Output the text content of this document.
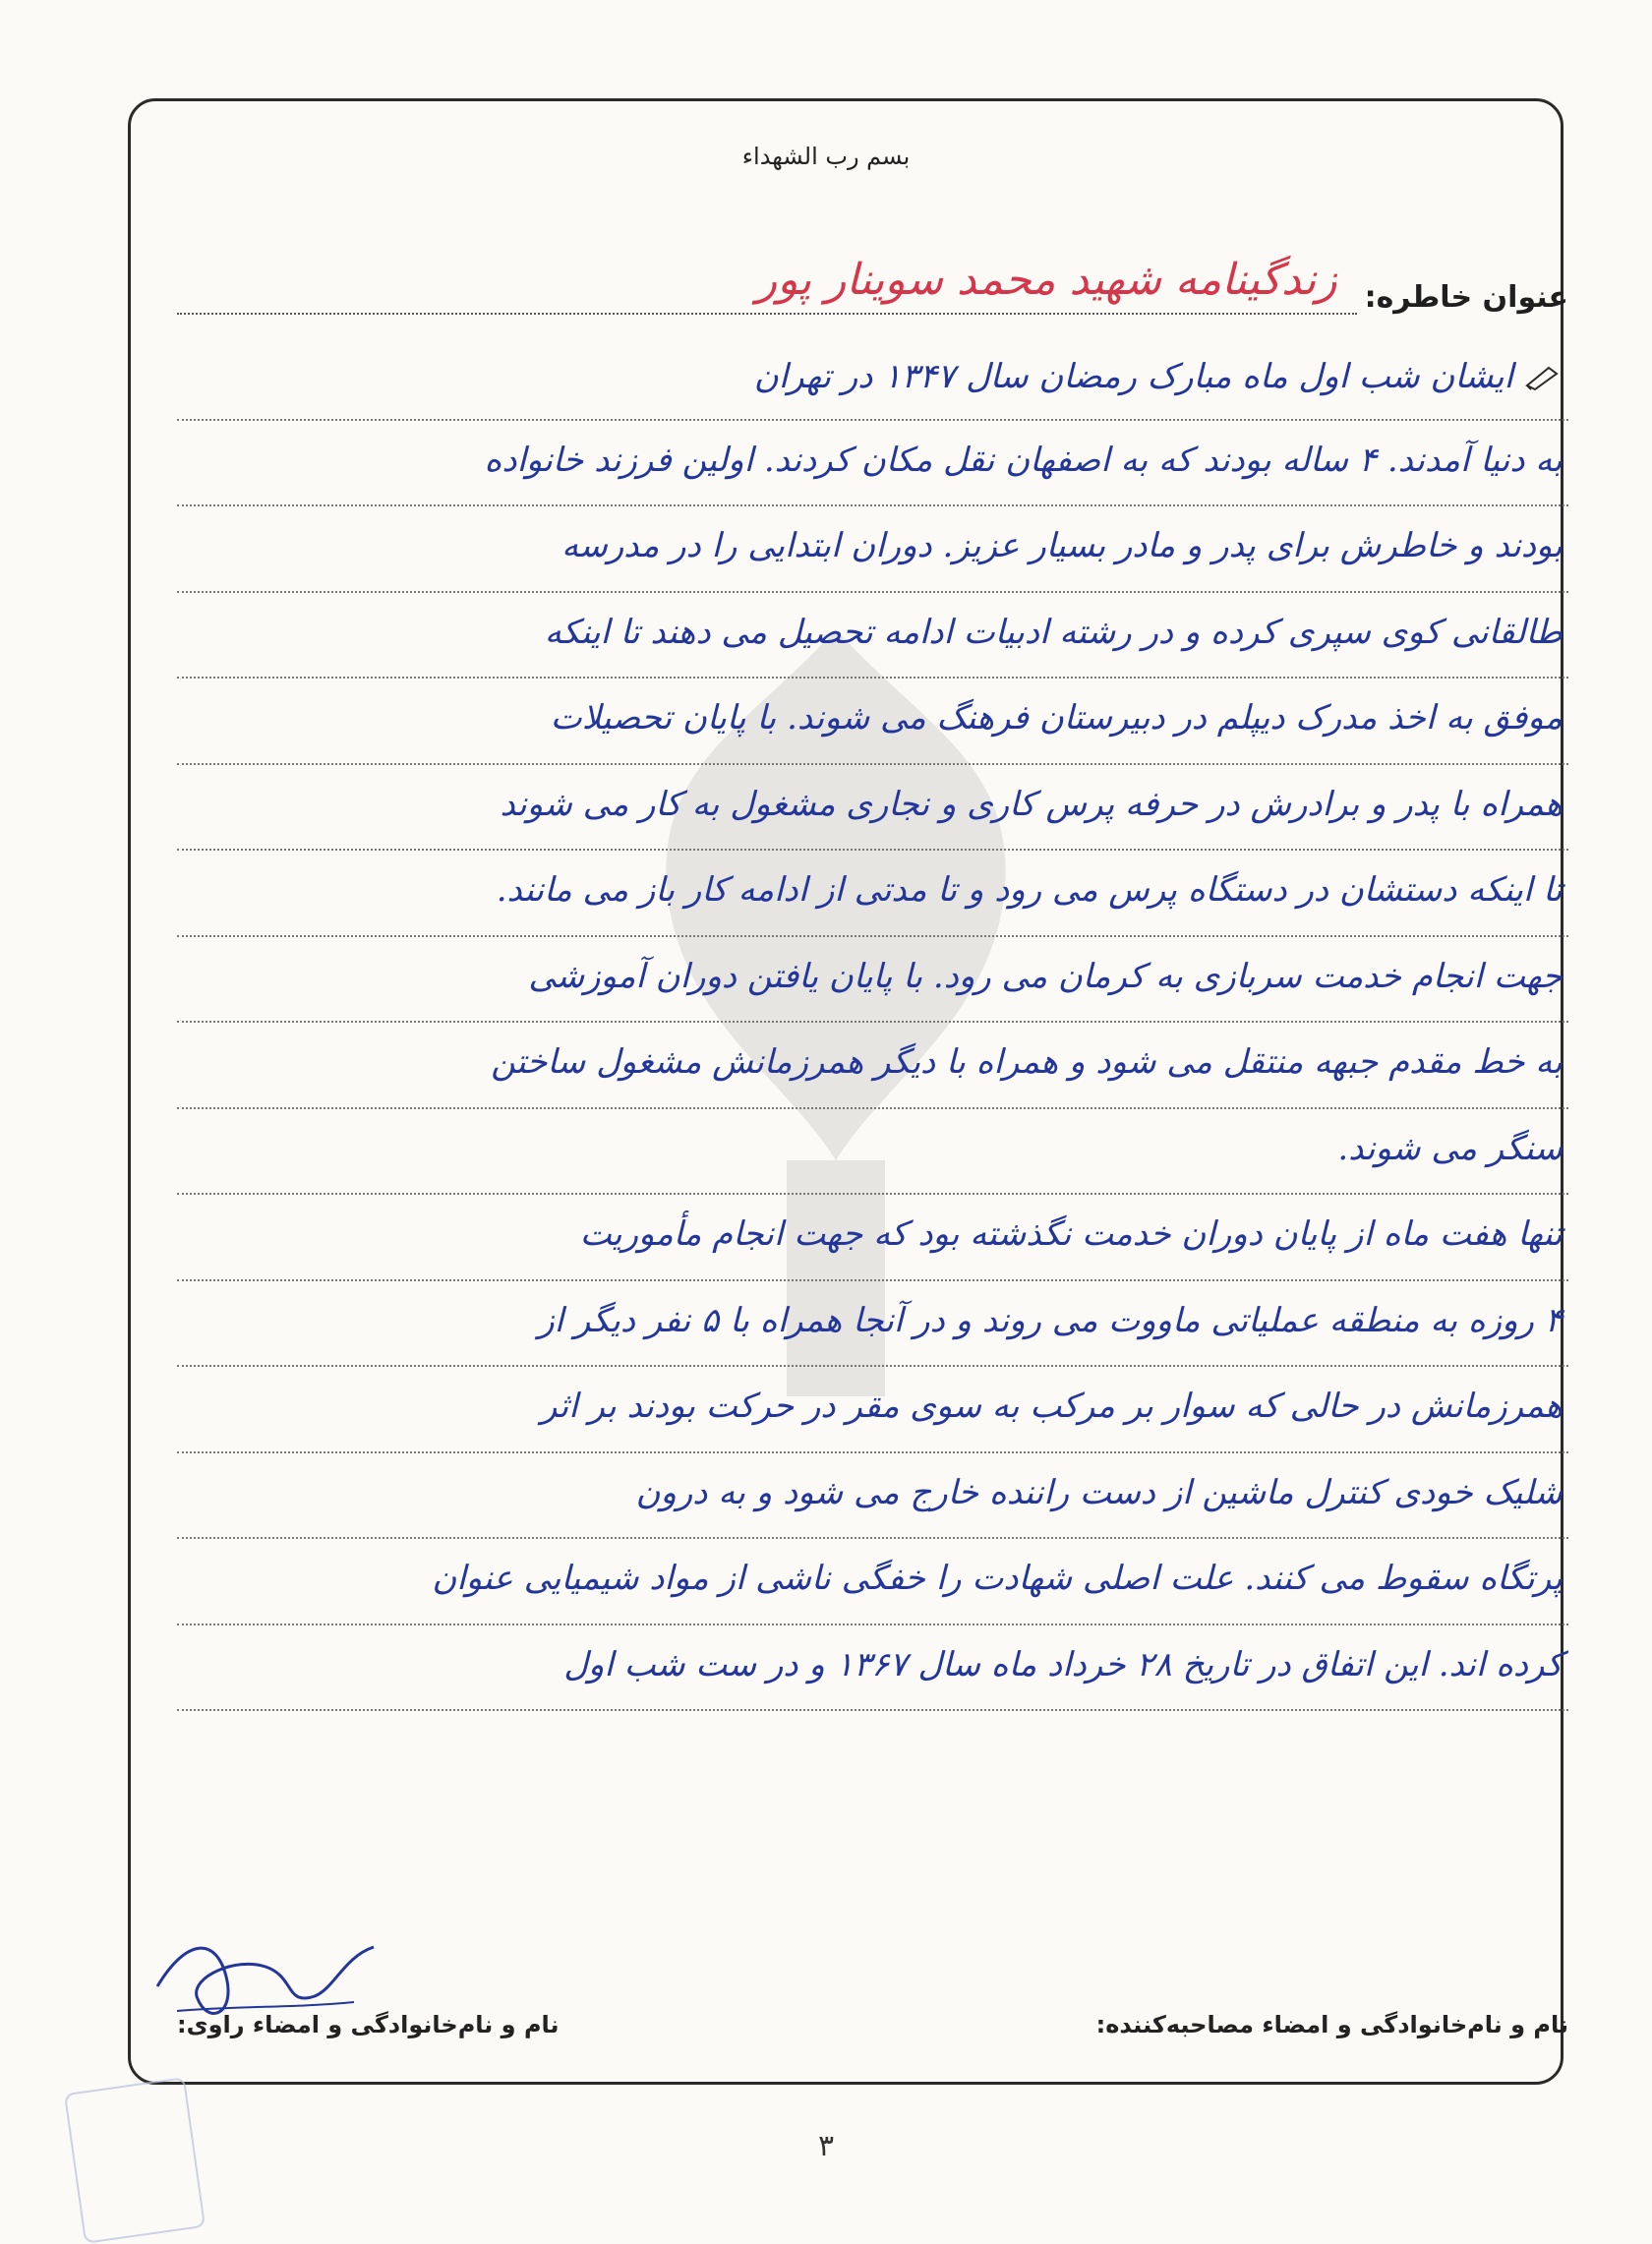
بسم رب الشهداء
عنوان خاطره:
زندگینامه شهید محمد سوینار پور
ایشان شب اول ماه مبارک رمضان سال ۱۳۴۷ در تهران
به دنیا آمدند. ۴ ساله بودند که به اصفهان نقل مکان کردند. اولین فرزند خانواده
بودند و خاطرش برای پدر و مادر بسیار عزیز. دوران ابتدایی را در مدرسه
طالقانی کوی سپری کرده و در رشته ادبیات ادامه تحصیل می دهند تا اینکه
موفق به اخذ مدرک دیپلم در دبیرستان فرهنگ می شوند. با پایان تحصیلات
همراه با پدر و برادرش در حرفه پرس کاری و نجاری مشغول به کار می شوند
تا اینکه دستشان در دستگاه پرس می رود و تا مدتی از ادامه کار باز می مانند.
جهت انجام خدمت سربازی به کرمان می رود. با پایان یافتن دوران آموزشی
به خط مقدم جبهه منتقل می شود و همراه با دیگر همرزمانش مشغول ساختن
سنگر می شوند.
تنها هفت ماه از پایان دوران خدمت نگذشته بود که جهت انجام مأموریت
۴ روزه به منطقه عملیاتی ماووت می روند و در آنجا همراه با ۵ نفر دیگر از
همرزمانش در حالی که سوار بر مرکب به سوی مقر در حرکت بودند بر اثر
شلیک خودی کنترل ماشین از دست راننده خارج می شود و به درون
پرتگاه سقوط می کنند. علت اصلی شهادت را خفگی ناشی از مواد شیمیایی عنوان
کرده اند. این اتفاق در تاریخ ۲۸ خرداد ماه سال ۱۳۶۷ و در ست شب اول
نام و نام‌خانوادگی و امضاء مصاحبه‌کننده:
نام و نام‌خانوادگی و امضاء راوی:
۳
